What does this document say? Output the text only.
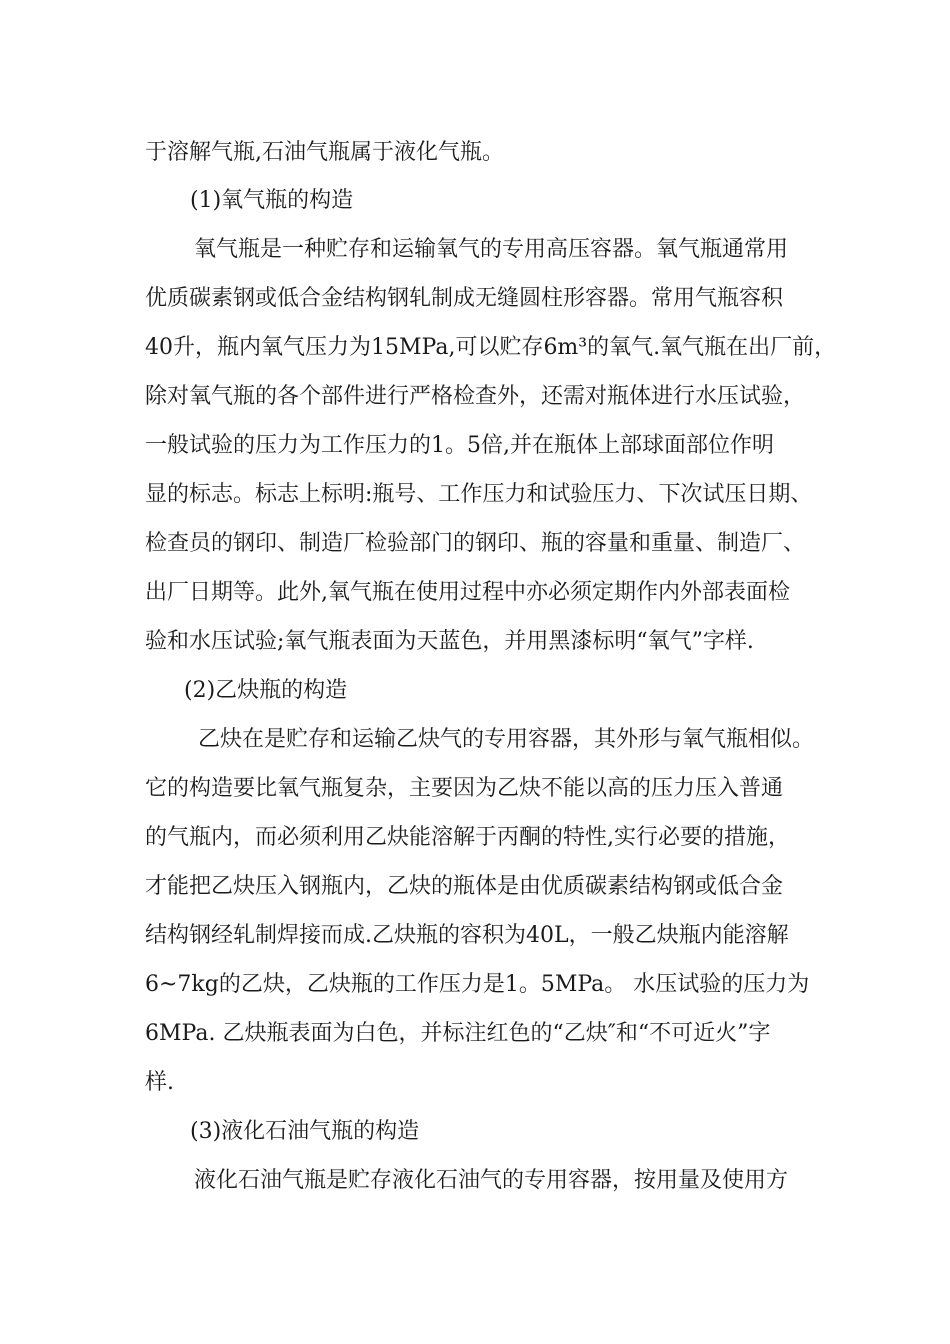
于溶解气瓶,石油气瓶属于液化气瓶。
(1)氧气瓶的构造
氧气瓶是一种贮存和运输氧气的专用高压容器。氧气瓶通常用
优质碳素钢或低合金结构钢轧制成无缝圆柱形容器。常用气瓶容积
40升，瓶内氧气压力为15MPa,可以贮存6m³的氧气.氧气瓶在出厂前，
除对氧气瓶的各个部件进行严格检查外，还需对瓶体进行水压试验，
一般试验的压力为工作压力的1。5倍,并在瓶体上部球面部位作明
显的标志。标志上标明:瓶号、工作压力和试验压力、下次试压日期、
检查员的钢印、制造厂检验部门的钢印、瓶的容量和重量、制造厂、
出厂日期等。此外,氧气瓶在使用过程中亦必须定期作内外部表面检
验和水压试验;氧气瓶表面为天蓝色，并用黑漆标明“氧气”字样.
(2)乙炔瓶的构造
乙炔在是贮存和运输乙炔气的专用容器，其外形与氧气瓶相似。
它的构造要比氧气瓶复杂，主要因为乙炔不能以高的压力压入普通
的气瓶内，而必须利用乙炔能溶解于丙酮的特性,实行必要的措施，
才能把乙炔压入钢瓶内，乙炔的瓶体是由优质碳素结构钢或低合金
结构钢经轧制焊接而成.乙炔瓶的容积为40L，一般乙炔瓶内能溶解
6~7kg的乙炔，乙炔瓶的工作压力是1。5MPa。 水压试验的压力为
6MPa. 乙炔瓶表面为白色，并标注红色的“乙炔″和“不可近火”字
样.
(3)液化石油气瓶的构造
液化石油气瓶是贮存液化石油气的专用容器，按用量及使用方
